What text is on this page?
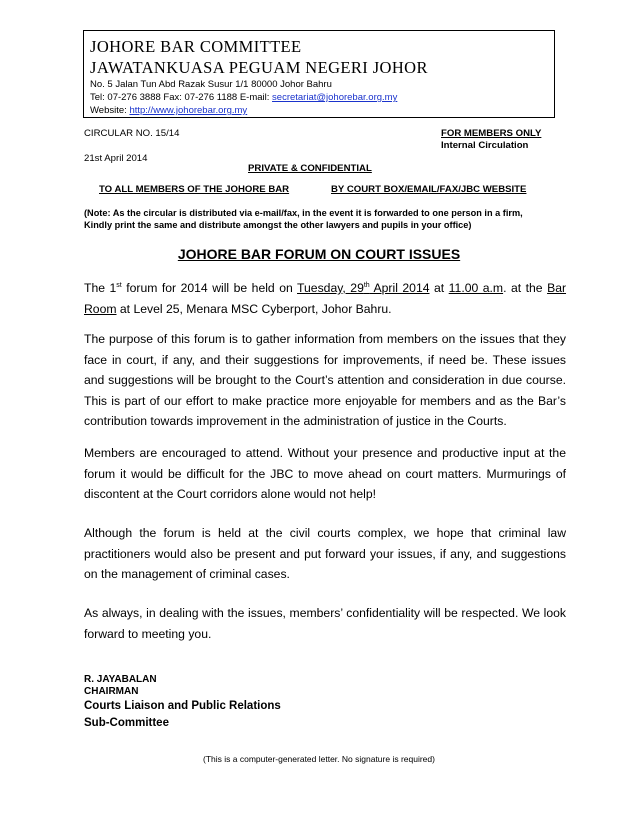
JOHORE BAR COMMITTEE
JAWATANKUASA PEGUAM NEGERI JOHOR
No. 5 Jalan Tun Abd Razak Susur 1/1 80000 Johor Bahru
Tel: 07-276 3888 Fax: 07-276 1188 E-mail: secretariat@johorebar.org.my
Website: http://www.johorebar.org.my
CIRCULAR NO. 15/14	FOR MEMBERS ONLY
Internal Circulation
21st April 2014
PRIVATE & CONFIDENTIAL
TO ALL MEMBERS OF THE JOHORE BAR	BY COURT BOX/EMAIL/FAX/JBC WEBSITE
(Note: As the circular is distributed via e-mail/fax, in the event it is forwarded to one person in a firm,
Kindly print the same and distribute amongst the other lawyers and pupils in your office)
JOHORE BAR FORUM ON COURT ISSUES
The 1st forum for 2014 will be held on Tuesday, 29th April 2014 at 11.00 a.m. at the Bar Room at Level 25, Menara MSC Cyberport, Johor Bahru.
The purpose of this forum is to gather information from members on the issues that they face in court, if any, and their suggestions for improvements, if need be. These issues and suggestions will be brought to the Court’s attention and consideration in due course. This is part of our effort to make practice more enjoyable for members and as the Bar’s contribution towards improvement in the administration of justice in the Courts.
Members are encouraged to attend. Without your presence and productive input at the forum it would be difficult for the JBC to move ahead on court matters. Murmurings of discontent at the Court corridors alone would not help!
Although the forum is held at the civil courts complex, we hope that criminal law practitioners would also be present and put forward your issues, if any, and suggestions on the management of criminal cases.
As always, in dealing with the issues, members’ confidentiality will be respected. We look forward to meeting you.
R. JAYABALAN
CHAIRMAN
Courts Liaison and Public Relations
Sub-Committee
(This is a computer-generated letter. No signature is required)
